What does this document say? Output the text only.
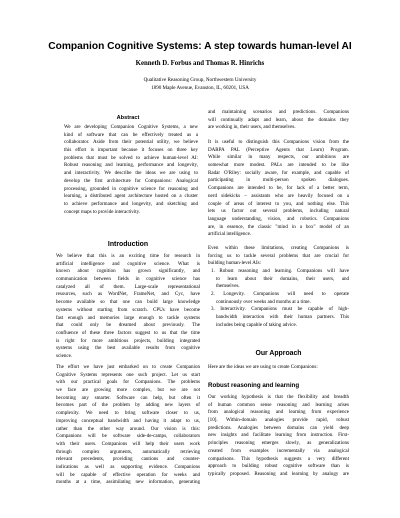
Companion Cognitive Systems: A step towards human-level AI
Kenneth D. Forbus and Thomas R. Hinrichs
Qualitative Reasoning Group, Northwestern University
1890 Maple Avenue, Evanston, IL, 60201, USA
Abstract
We are developing Companion Cognitive Systems, a new
kind of software that can be effectively treated as a
collaborator. Aside from their potential utility, we believe
this effort is important because it focuses on three key
problems that must be solved to achieve human-level AI:
Robust reasoning and learning, performance and longevity,
and interactivity. We describe the ideas we are using to
develop the first architecture for Companions: Analogical
processing, grounded in cognitive science for reasoning and
learning, a distributed agent architecture hosted on a cluster
to achieve performance and longevity, and sketching and
concept maps to provide interactivity.
Introduction
We believe that this is an exciting time for research in
artificial intelligence and cognitive science. What is
known about cognition has grown significantly, and
communication between fields in cognitive science has
catalyzed all of them. Large-scale representational
resources, such as WordNet, FrameNet, and Cyc, have
become available so that one can build large knowledge
systems without starting from scratch. CPUs have become
fast enough and memories large enough to tackle systems
that could only be dreamed about previously. The
confluence of these three factors suggest to us that the time
is right for more ambitious projects, building integrated
systems using the best available results from cognitive
science.
The effort we have just embarked on to create Companion
Cognitive Systems represents one such project. Let us start
with our practical goals for Companions. The problems
we face are growing more complex, but we are not
becoming any smarter. Software can help, but often it
becomes part of the problem by adding new layers of
complexity. We need to bring software closer to us,
improving conceptual bandwidth and having it adapt to us,
rather than the other way around. Our vision is this:
Companions will be software side-de-camps, collaborators
with their users. Companions will help their users work
through complex arguments, automatically retrieving
relevant precedents, providing cautions and counter-
indications as well as supporting evidence. Companions
will be capable of effective operation for weeks and
months at a time, assimilating new information, generating
and maintaining scenarios and predictions. Companions
will continually adapt and learn, about the domains they
are working in, their users, and themselves.
It is useful to distinguish this Companions vision from the
DARPA PAL (Perceptive Agents that Learn) Program.
While similar in many respects, our ambitions are
somewhat more modest. PALs are intended to be like
Radar O'Riley: socially aware, for example, and capable of
participating in multi-person spoken dialogues.
Companions are intended to be, for lack of a better term,
nerd sidekicks – assistants who are heavily focused on a
couple of areas of interest to you, and nothing else. This
lets us factor out several problems, including natural
language understanding, vision, and robotics. Companions
are, in essence, the classic "mind in a box" model of an
artificial intelligence.
Even within these limitations, creating Companions is
forcing us to tackle several problems that are crucial for
building human-level AIs:
1. Robust reasoning and learning. Companions will have
to learn about their domains, their users, and
themselves.
2. Longevity. Companions will need to operate
continuously over weeks and months at a time.
3. Interactivity. Companions must be capable of high-
bandwidth interaction with their human partners. This
includes being capable of taking advice.
Our Approach
Here are the ideas we are using to create Companions:
Robust reasoning and learning
Our working hypothesis is that the flexibility and breadth
of human common sense reasoning and learning arises
from analogical reasoning and learning from experience
[10]. Within-domain analogies provide rapid, robust
predictions. Analogies between domains can yield deep
new insights and facilitate learning from instruction. First-
principles reasoning emerges slowly, as generalizations
created from examples incrementally via analogical
comparisons. This hypothesis suggests a very different
approach to building robust cognitive software than is
typically proposed. Reasoning and learning by analogy are
